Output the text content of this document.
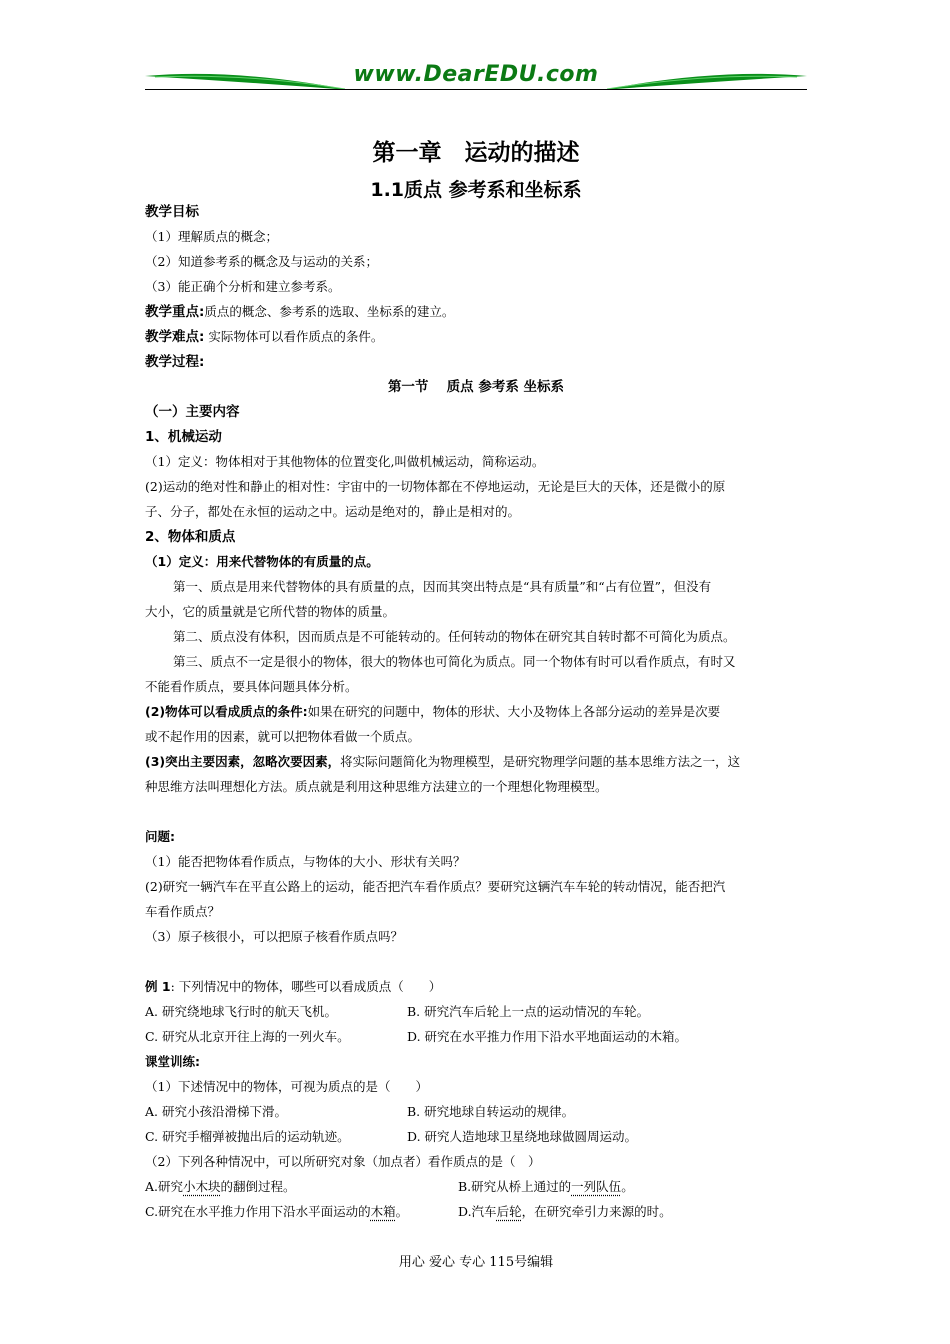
www.DearEDU.com
第一章　运动的描述
1.1质点 参考系和坐标系
教学目标
（1）理解质点的概念；
（2）知道参考系的概念及与运动的关系；
（3）能正确个分析和建立参考系。
教学重点:质点的概念、参考系的选取、坐标系的建立。
教学难点: 实际物体可以看作质点的条件。
教学过程:
第一节　 质点 参考系 坐标系
（一）主要内容
1、机械运动
（1）定义：物体相对于其他物体的位置变化,叫做机械运动，简称运动。
(2)运动的绝对性和静止的相对性：宇宙中的一切物体都在不停地运动，无论是巨大的天体，还是微小的原
子、分子，都处在永恒的运动之中。运动是绝对的，静止是相对的。
2、物体和质点
（1）定义：用来代替物体的有质量的点。
第一、质点是用来代替物体的具有质量的点，因而其突出特点是“具有质量”和“占有位置”，但没有
大小，它的质量就是它所代替的物体的质量。
第二、质点没有体积，因而质点是不可能转动的。任何转动的物体在研究其自转时都不可简化为质点。
第三、质点不一定是很小的物体，很大的物体也可简化为质点。同一个物体有时可以看作质点，有时又
不能看作质点，要具体问题具体分析。
(2)物体可以看成质点的条件:如果在研究的问题中，物体的形状、大小及物体上各部分运动的差异是次要
或不起作用的因素，就可以把物体看做一个质点。
(3)突出主要因素，忽略次要因素，将实际问题简化为物理模型，是研究物理学问题的基本思维方法之一，这
种思维方法叫理想化方法。质点就是利用这种思维方法建立的一个理想化物理模型。
问题:
（1）能否把物体看作质点，与物体的大小、形状有关吗？
(2)研究一辆汽车在平直公路上的运动，能否把汽车看作质点？要研究这辆汽车车轮的转动情况，能否把汽
车看作质点？
（3）原子核很小，可以把原子核看作质点吗？
例 1: 下列情况中的物体，哪些可以看成质点（　　）
A. 研究绕地球飞行时的航天飞机。	B. 研究汽车后轮上一点的运动情况的车轮。
C. 研究从北京开往上海的一列火车。	D. 研究在水平推力作用下沿水平地面运动的木箱。
课堂训练:
（1）下述情况中的物体，可视为质点的是（　　）
A. 研究小孩沿滑梯下滑。	B. 研究地球自转运动的规律。
C. 研究手榴弹被抛出后的运动轨迹。	D. 研究人造地球卫星绕地球做圆周运动。
（2）下列各种情况中，可以所研究对象（加点者）看作质点的是（　）
A.研究小木块的翻倒过程。	B.研究从桥上通过的一列队伍。
C.研究在水平推力作用下沿水平面运动的木箱。	D.汽车后轮，在研究牵引力来源的时。
用心 爱心 专心 115号编辑
